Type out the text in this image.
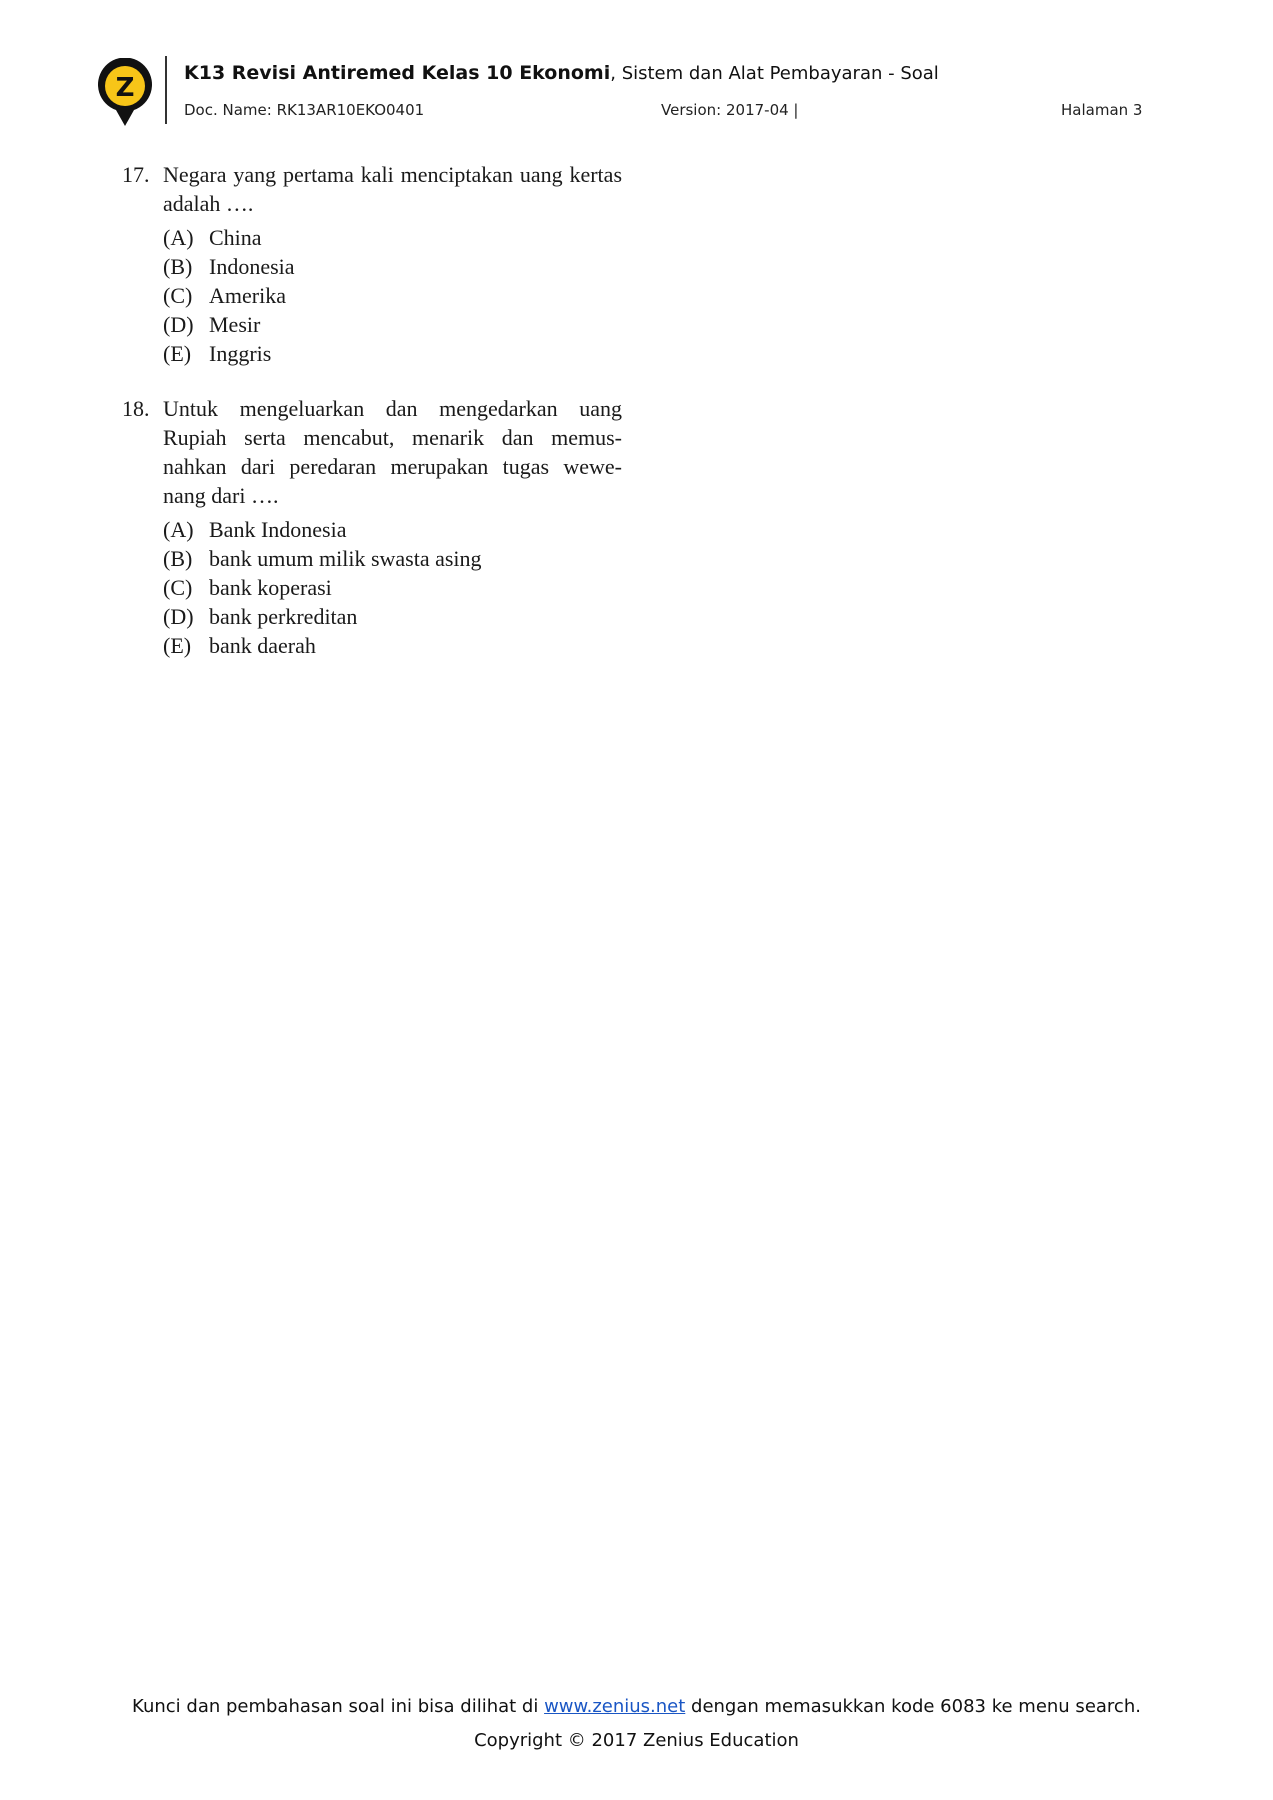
Z	K13 Revisi Antiremed Kelas 10 Ekonomi, Sistem dan Alat Pembayaran - Soal
Doc. Name: RK13AR10EKO0401	Version: 2017-04 |	Halaman 3
17. Negara yang pertama kali menciptakan uang kertas adalah ….
(A) China
(B) Indonesia
(C) Amerika
(D) Mesir
(E) Inggris
18. Untuk mengeluarkan dan mengedarkan uang Rupiah serta mencabut, menarik dan memus- nahkan dari peredaran merupakan tugas wewe- nang dari ….
(A) Bank Indonesia
(B) bank umum milik swasta asing
(C) bank koperasi
(D) bank perkreditan
(E) bank daerah
Kunci dan pembahasan soal ini bisa dilihat di www.zenius.net dengan memasukkan kode 6083 ke menu search.
Copyright © 2017 Zenius Education
